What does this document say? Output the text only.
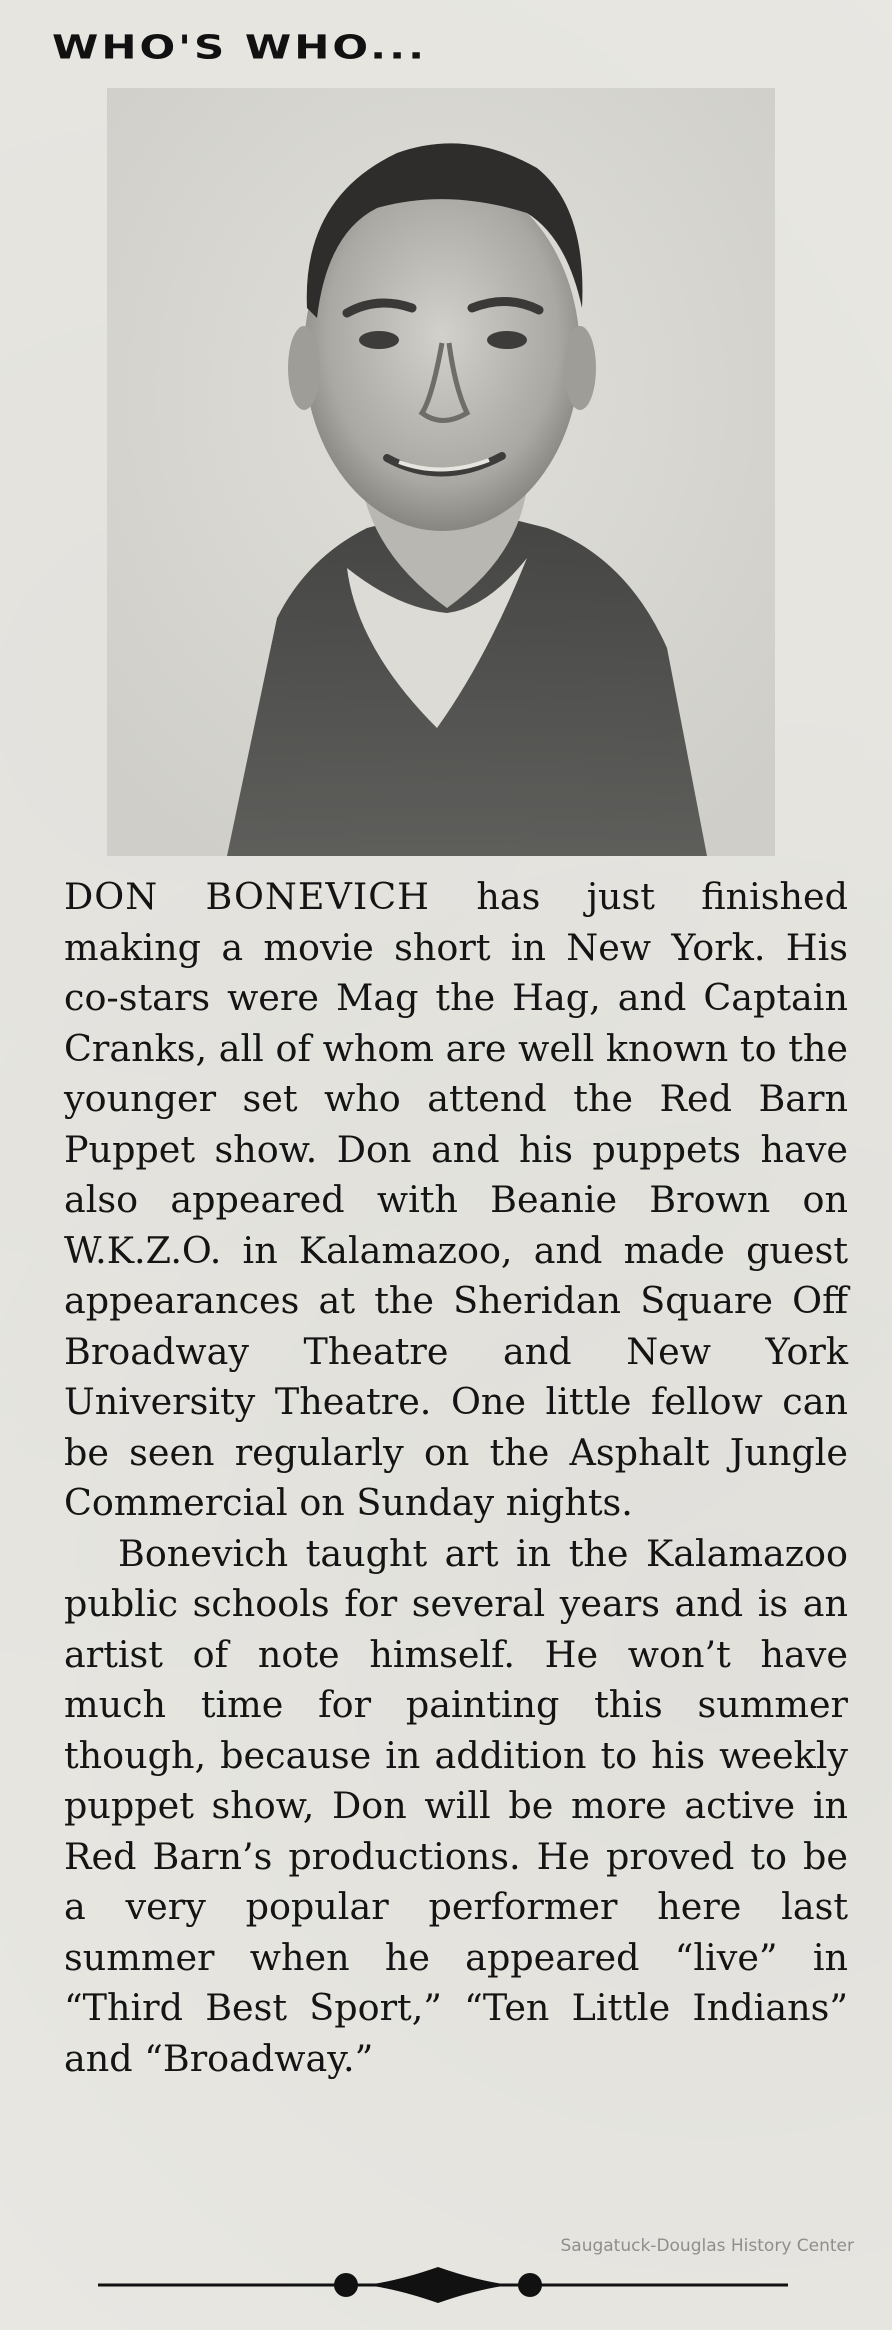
WHO'S WHO...

DON BONEVICH has just finished making a movie short in New York. His co-stars were Mag the Hag, and Captain Cranks, all of whom are well known to the younger set who attend the Red Barn Puppet show. Don and his puppets have also appeared with Beanie Brown on W.K.Z.O. in Kalamazoo, and made guest appearances at the Sheridan Square Off Broadway Theatre and New York University Theatre. One little fellow can be seen regularly on the Asphalt Jungle Commercial on Sunday nights.

Bonevich taught art in the Kalamazoo public schools for several years and is an artist of note himself. He won’t have much time for painting this summer though, because in addition to his weekly puppet show, Don will be more active in Red Barn’s productions. He proved to be a very popular performer here last summer when he appeared “live” in “Third Best Sport,” “Ten Little Indians” and “Broadway.”

Saugatuck-Douglas History Center
